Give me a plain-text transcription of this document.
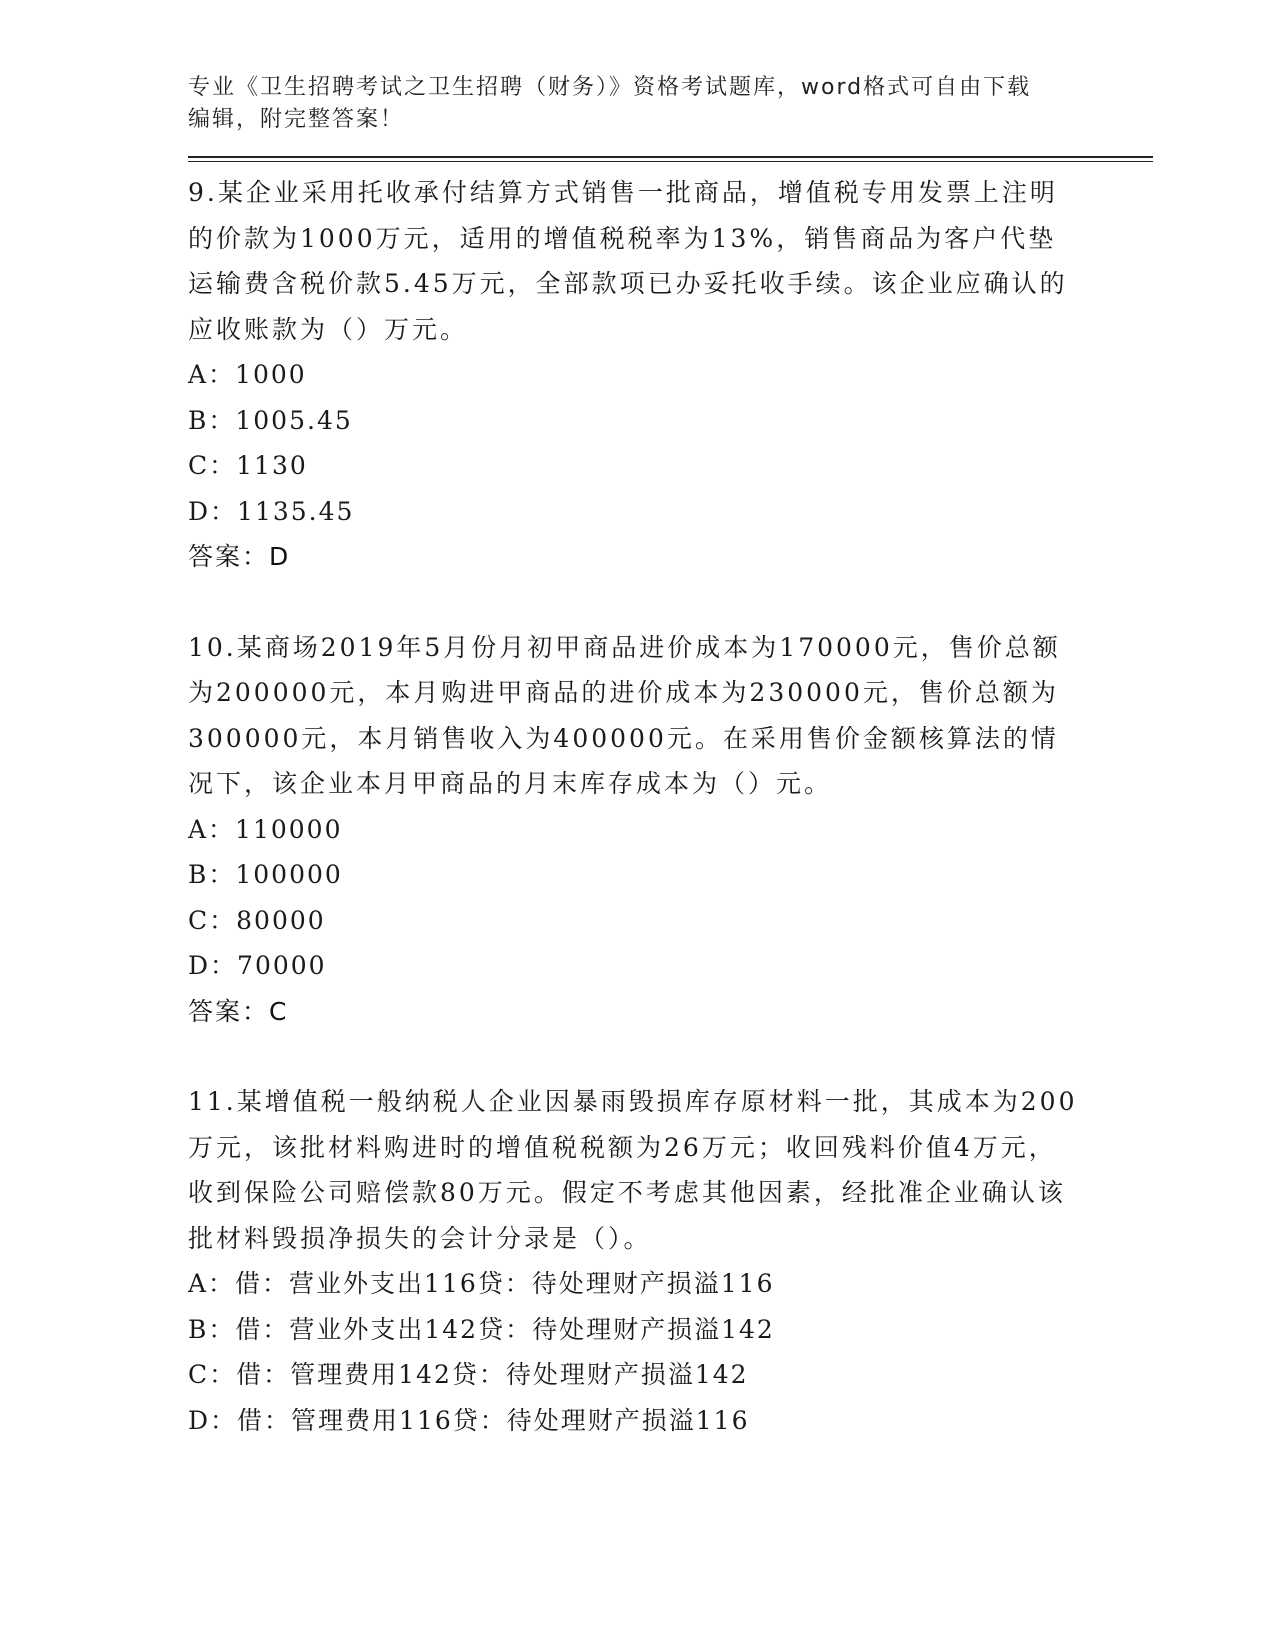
专业《卫生招聘考试之卫生招聘（财务）》资格考试题库，word格式可自由下载
编辑，附完整答案！
9.某企业采用托收承付结算方式销售一批商品，增值税专用发票上注明的价款为1000万元，适用的增值税税率为13%，销售商品为客户代垫运输费含税价款5.45万元，全部款项已办妥托收手续。该企业应确认的应收账款为（）万元。
A：1000
B：1005.45
C：1130
D：1135.45
答案：D
10.某商场2019年5月份月初甲商品进价成本为170000元，售价总额为200000元，本月购进甲商品的进价成本为230000元，售价总额为300000元，本月销售收入为400000元。在采用售价金额核算法的情况下，该企业本月甲商品的月末库存成本为（）元。
A：110000
B：100000
C：80000
D：70000
答案：C
11.某增值税一般纳税人企业因暴雨毁损库存原材料一批，其成本为200万元，该批材料购进时的增值税税额为26万元；收回残料价值4万元，收到保险公司赔偿款80万元。假定不考虑其他因素，经批准企业确认该批材料毁损净损失的会计分录是（）。
A：借：营业外支出116贷：待处理财产损溢116
B：借：营业外支出142贷：待处理财产损溢142
C：借：管理费用142贷：待处理财产损溢142
D：借：管理费用116贷：待处理财产损溢116
